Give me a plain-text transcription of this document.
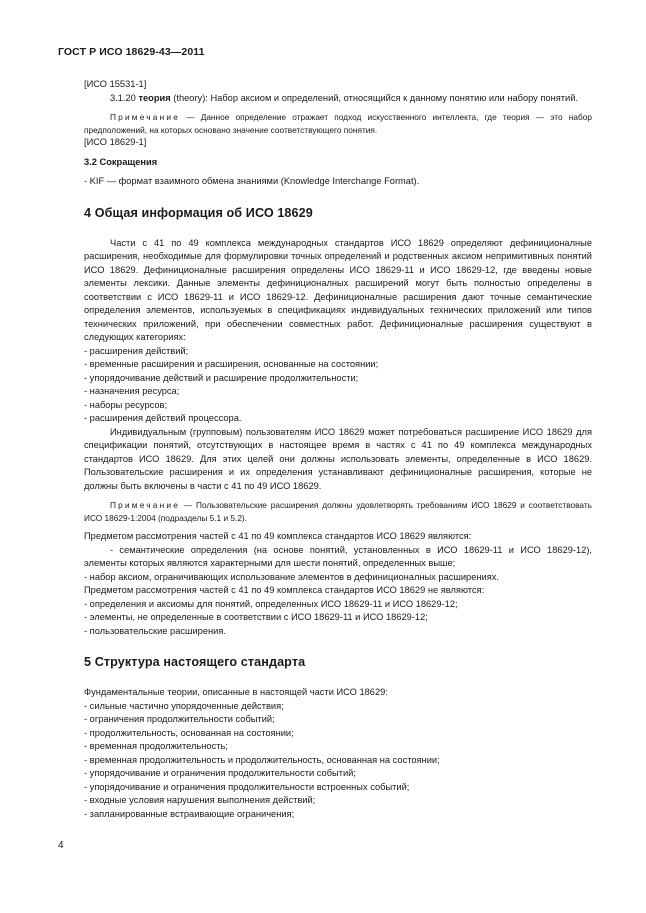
ГОСТ Р ИСО 18629-43—2011

[ИСО 15531-1]

3.1.20 теория (theory): Набор аксиом и определений, относящийся к данному понятию или набору понятий.

Примечание — Данное определение отражает подход искусственного интеллекта, где теория — это набор предположений, на которых основано значение соответствующего понятия.

[ИСО 18629-1]

3.2 Сокращения

- KIF — формат взаимного обмена знаниями (Knowledge Interchange Format).

4 Общая информация об ИСО 18629

Части с 41 по 49 комплекса международных стандартов ИСО 18629 определяют дефиниционалные расширения, необходимые для формулировки точных определений и родственных аксиом непримитивных понятий ИСО 18629. Дефиниционалные расширения определены ИСО 18629-11 и ИСО 18629-12, где введены новые элементы лексики. Данные элементы дефиниционалных расширений могут быть полностью определены в соответствии с ИСО 18629-11 и ИСО 18629-12. Дефиниционалные расширения дают точные семантические определения элементов, используемых в спецификациях индивидуальных технических приложений или типов технических приложений, при обеспечении совместных работ. Дефиниционалные расширения существуют в следующих категориях:

- расширения действий;

- временные расширения и расширения, основанные на состоянии;

- упорядочивание действий и расширение продолжительности;

- назначения ресурса;

- наборы ресурсов;

- расширения действий процессора.

Индивидуальным (групповым) пользователям ИСО 18629 может потребоваться расширение ИСО 18629 для спецификации понятий, отсутствующих в настоящее время в частях с 41 по 49 комплекса международных стандартов ИСО 18629. Для этих целей они должны использовать элементы, определенные в ИСО 18629. Пользовательские расширения и их определения устанавливают дефиниционалные расширения, которые не должны быть включены в части с 41 по 49 ИСО 18629.

Примечание — Пользовательские расширения должны удовлетворять требованиям ИСО 18629 и соответствовать ИСО 18629-1:2004 (подразделы 5.1 и 5.2).

Предметом рассмотрения частей с 41 по 49 комплекса стандартов ИСО 18629 являются:

- семантические определения (на основе понятий, установленных в ИСО 18629-11 и ИСО 18629-12), элементы которых являются характерными для шести понятий, определенных выше;

- набор аксиом, ограничивающих использование элементов в дефиниционалных расширениях.

Предметом рассмотрения частей с 41 по 49 комплекса стандартов ИСО 18629 не являются:

- определения и аксиомы для понятий, определенных ИСО 18629-11 и ИСО 18629-12;

- элементы, не определенные в соответствии с ИСО 18629-11 и ИСО 18629-12;

- пользовательские расширения.

5 Структура настоящего стандарта

Фундаментальные теории, описанные в настоящей части ИСО 18629:

- сильные частично упорядоченные действия;

- ограничения продолжительности событий;

- продолжительность, основанная на состоянии;

- временная продолжительность;

- временная продолжительность и продолжительность, основанная на состоянии;

- упорядочивание и ограничения продолжительности событий;

- упорядочивание и ограничения продолжительности встроенных событий;

- входные условия нарушения выполнения действий;

- запланированные встраивающие ограничения;

4
